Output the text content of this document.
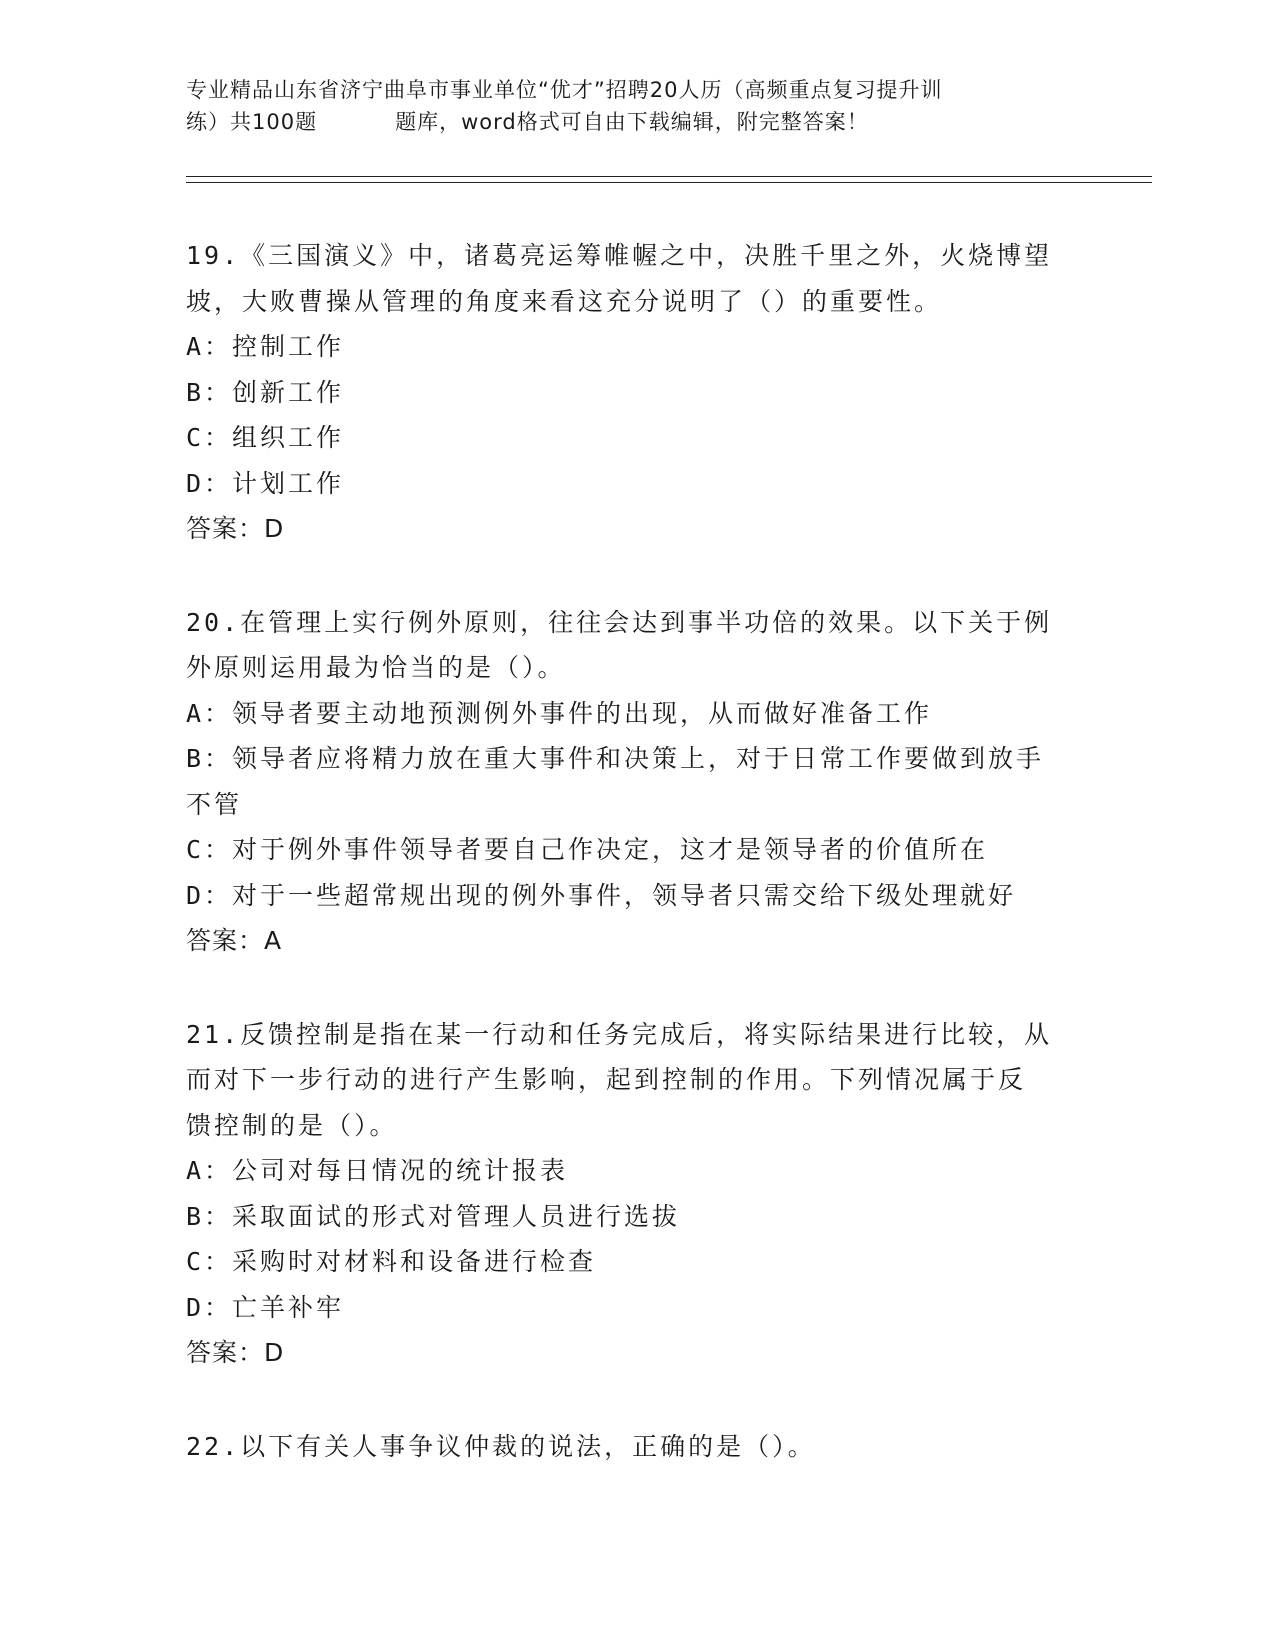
专业精品山东省济宁曲阜市事业单位“优才”招聘20人历（高频重点复习提升训
练）共100题	题库，word格式可自由下载编辑，附完整答案！

19.《三国演义》中，诸葛亮运筹帷幄之中，决胜千里之外，火烧博望

坡，大败曹操从管理的角度来看这充分说明了（）的重要性。

A：控制工作

B：创新工作

C：组织工作

D：计划工作

答案：D

20.在管理上实行例外原则，往往会达到事半功倍的效果。以下关于例

外原则运用最为恰当的是（）。

A：领导者要主动地预测例外事件的出现，从而做好准备工作

B：领导者应将精力放在重大事件和决策上，对于日常工作要做到放手

不管

C：对于例外事件领导者要自己作决定，这才是领导者的价值所在

D：对于一些超常规出现的例外事件，领导者只需交给下级处理就好

答案：A

21.反馈控制是指在某一行动和任务完成后，将实际结果进行比较，从

而对下一步行动的进行产生影响，起到控制的作用。下列情况属于反

馈控制的是（）。

A：公司对每日情况的统计报表

B：采取面试的形式对管理人员进行选拔

C：采购时对材料和设备进行检查

D：亡羊补牢

答案：D

22.以下有关人事争议仲裁的说法，正确的是（）。
